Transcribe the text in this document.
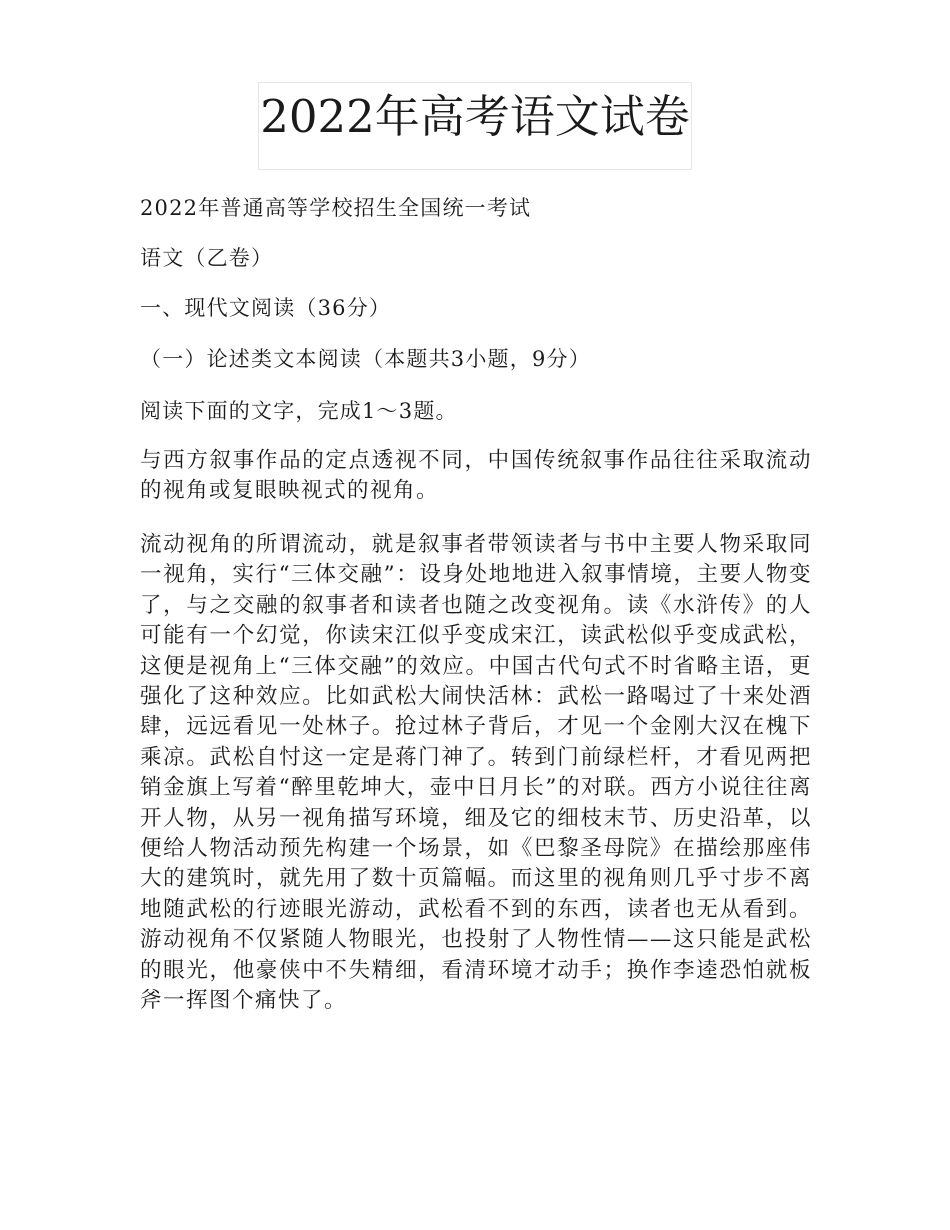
2022年高考语文试卷
2022年普通高等学校招生全国统一考试
语文（乙卷）
一、现代文阅读（36分）
（一）论述类文本阅读（本题共3小题，9分）
阅读下面的文字，完成1～3题。

与西方叙事作品的定点透视不同，中国传统叙事作品往往采取流动的视角或复眼映视式的视角。

流动视角的所谓流动，就是叙事者带领读者与书中主要人物采取同一视角，实行“三体交融”：设身处地地进入叙事情境，主要人物变了，与之交融的叙事者和读者也随之改变视角。读《水浒传》的人可能有一个幻觉，你读宋江似乎变成宋江，读武松似乎变成武松，这便是视角上“三体交融”的效应。中国古代句式不时省略主语，更强化了这种效应。比如武松大闹快活林：武松一路喝过了十来处酒肆，远远看见一处林子。抢过林子背后，才见一个金刚大汉在槐下乘凉。武松自忖这一定是蒋门神了。转到门前绿栏杆，才看见两把销金旗上写着“醉里乾坤大，壶中日月长”的对联。西方小说往往离开人物，从另一视角描写环境，细及它的细枝末节、历史沿革，以便给人物活动预先构建一个场景，如《巴黎圣母院》在描绘那座伟大的建筑时，就先用了数十页篇幅。而这里的视角则几乎寸步不离地随武松的行迹眼光游动，武松看不到的东西，读者也无从看到。游动视角不仅紧随人物眼光，也投射了人物性情——这只能是武松的眼光，他豪侠中不失精细，看清环境才动手；换作李逵恐怕就板斧一挥图个痛快了。
